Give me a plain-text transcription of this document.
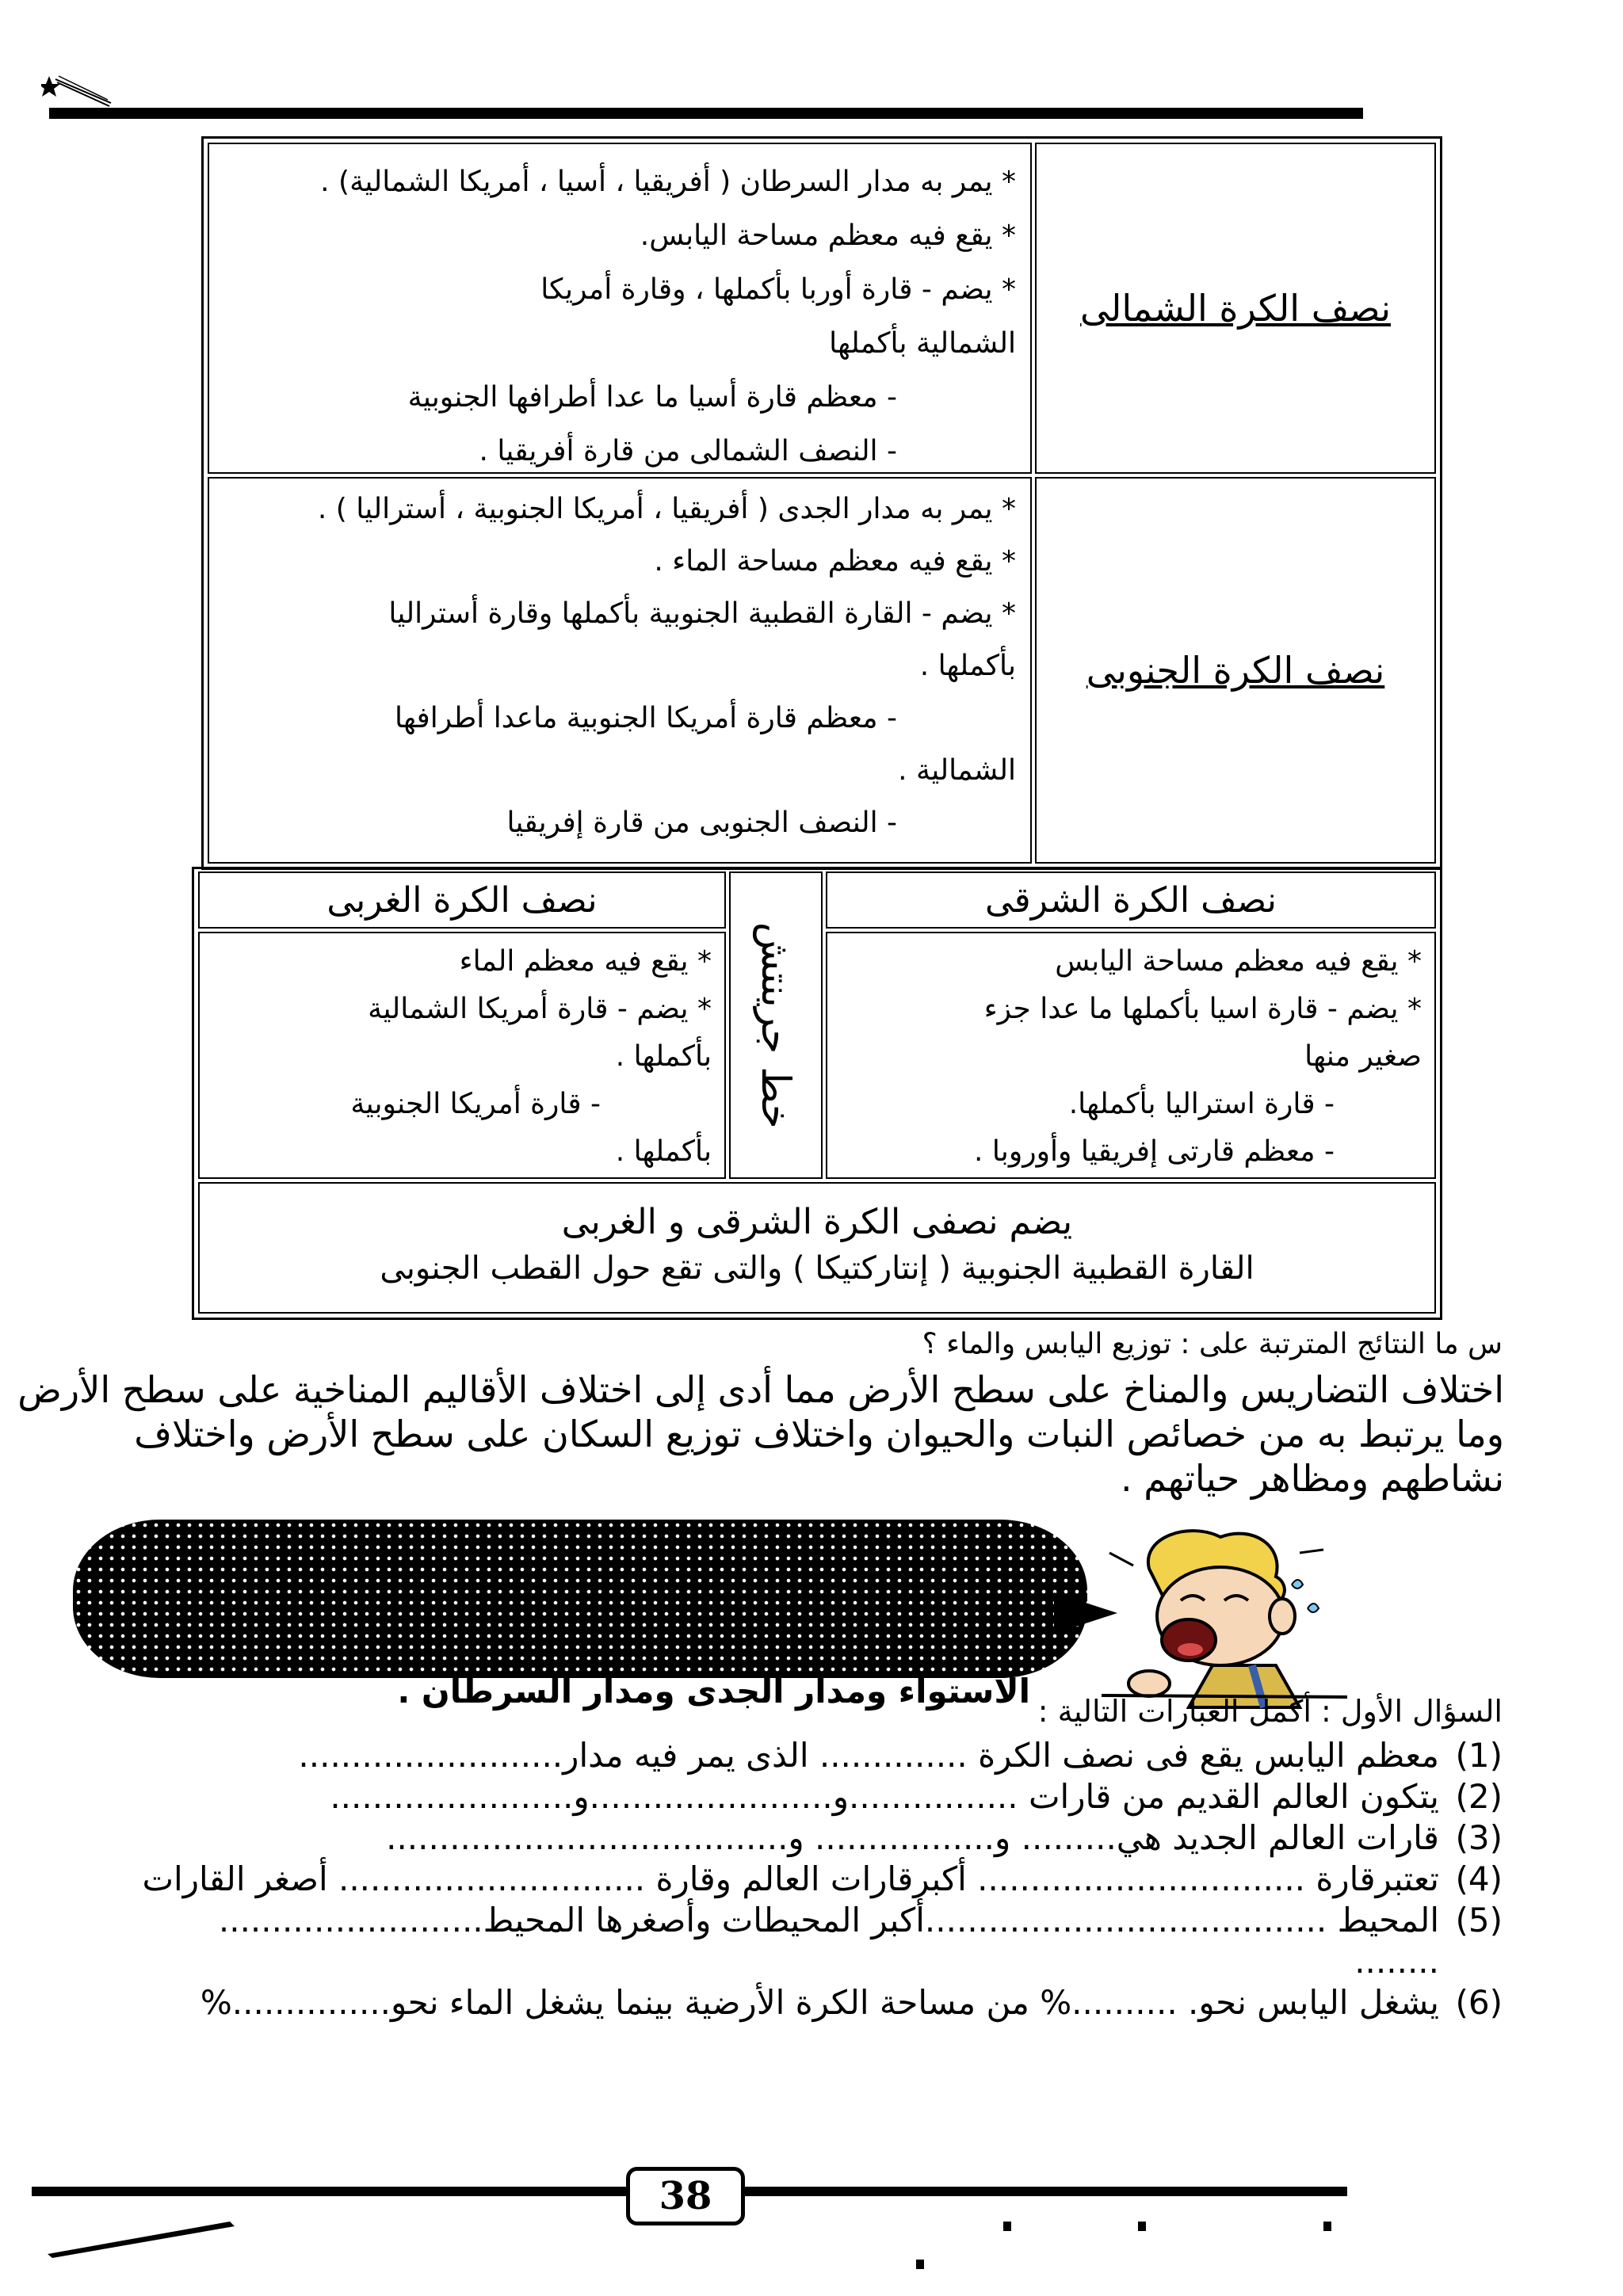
* يمر به مدار السرطان ( أفريقيا ، أسيا ، أمريكا الشمالية) .

* يقع فيه معظم مساحة اليابس.

* يضم - قارة أوربا بأكملها ، وقارة أمريكا

الشمالية بأكملها

- معظم قارة أسيا ما عدا أطرافها الجنوبية

- النصف الشمالى من قارة أفريقيا .

نصف الكرة الشمالى

* يمر به مدار الجدى ( أفريقيا ، أمريكا الجنوبية ، أستراليا ) .

* يقع فيه معظم مساحة الماء .

* يضم - القارة القطبية الجنوبية بأكملها وقارة أستراليا

بأكملها .

- معظم قارة أمريكا الجنوبية ماعدا أطرافها

الشمالية .

- النصف الجنوبى من قارة إفريقيا

نصف الكرة الجنوبى
نصف الكرة الغربى
خط جرينتش
نصف الكرة الشرقى

* يقع فيه معظم الماء

* يضم - قارة أمريكا الشمالية

بأكملها .

- قارة أمريكا الجنوبية

بأكملها .

* يقع فيه معظم مساحة اليابس

* يضم - قارة اسيا بأكملها ما عدا جزء

صغير منها

- قارة استراليا بأكملها.

- معظم قارتى إفريقيا وأوروبا .

يضم نصفى الكرة الشرقى و الغربى
القارة القطبية الجنوبية ( إنتاركتيكا ) والتى تقع حول القطب الجنوبى
س ما النتائج المترتبة على : توزيع اليابس والماء ؟
اختلاف التضاريس والمناخ على سطح الأرض مما أدى إلى اختلاف الأقاليم المناخية على سطح الأرض وما يرتبط به من خصائص النبات والحيوان واختلاف توزيع السكان على سطح الأرض واختلاف نشاطهم ومظاهر حياتهم .
الاستواء ومدار الجدى ومدار السرطان .
السؤال الأول : أكمل العبارات التالية :
(1)
معظم اليابس يقع فى نصف الكرة .............. الذى يمر فيه مدار.........................
(2)
يتكون العالم القديم من قارات ................و.......................و.......................
(3)
قارات العالم الجديد هي......... و................. و......................................
(4)
تعتبرقارة ............................... أكبرقارات العالم وقارة ............................. أصغر القارات
(5)
المحيط ......................................أكبر المحيطات وأصغرها المحيط......................... ........
(6)
يشغل اليابس نحو. ..........% من مساحة الكرة الأرضية بينما يشغل الماء نحو...............%
38
